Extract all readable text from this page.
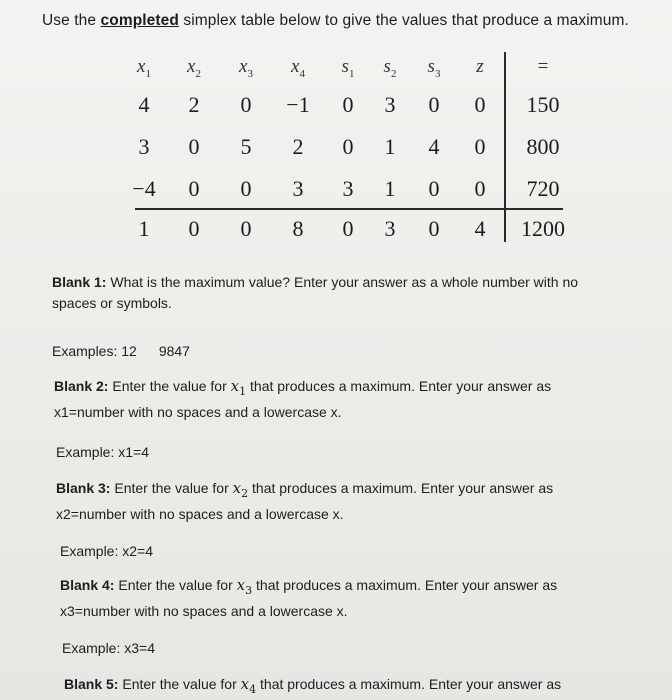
Use the completed simplex table below to give the values that produce a maximum.
$x_1$	$x_2$	$x_3$	$x_4$	$s_1$	$s_2$	$s_3$	z	=
4	2	0	−1	0	3	0	0	150
3	0	5	2	0	1	4	0	800
−4	0	0	3	3	1	0	0	720
1	0	0	8	0	3	0	4	1200
Blank 1: What is the maximum value? Enter your answer as a whole number with no
spaces or symbols.
Examples: 12 9847
Blank 2: Enter the value for $x_1$ that produces a maximum. Enter your answer as
x1=number with no spaces and a lowercase x.
Example: x1=4
Blank 3: Enter the value for $x_2$ that produces a maximum. Enter your answer as
x2=number with no spaces and a lowercase x.
Example: x2=4
Blank 4: Enter the value for $x_3$ that produces a maximum. Enter your answer as
x3=number with no spaces and a lowercase x.
Example: x3=4
Blank 5: Enter the value for $x_4$ that produces a maximum. Enter your answer as
